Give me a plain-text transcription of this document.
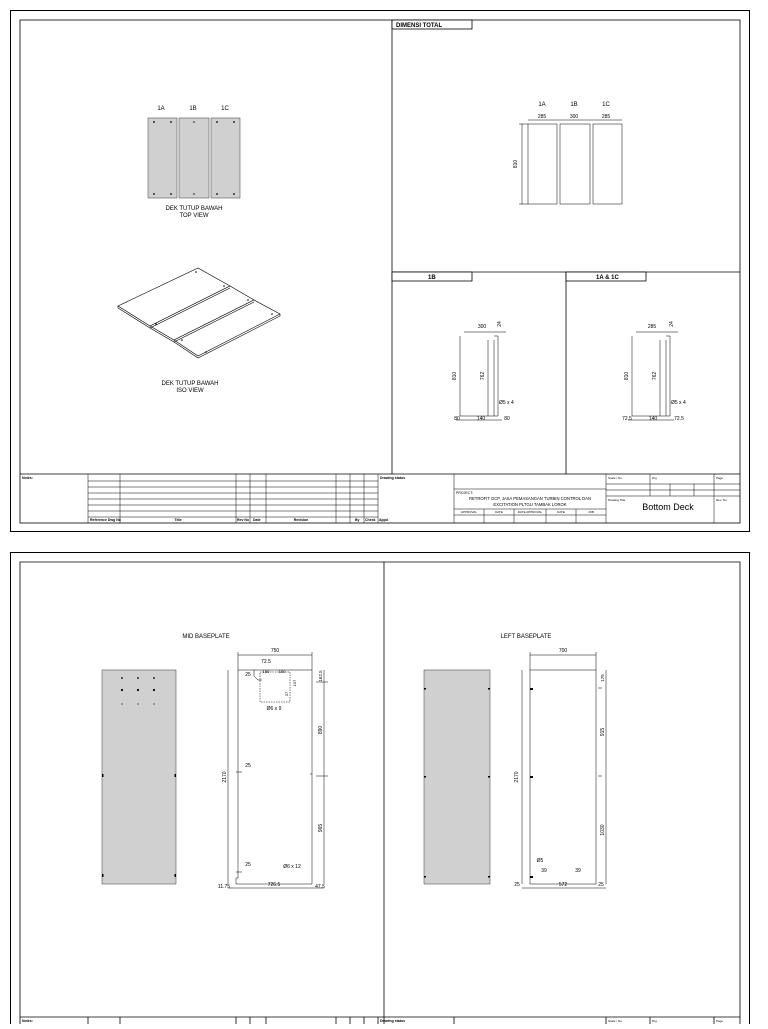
1A	1B	1C
DEK TUTUP BAWAH
TOP VIEW
DEK TUTUP BAWAH
ISO VIEW
DIMENSI TOTAL
1A	1B	1C
285	300	285
810
1B
300 24
810	762
Ø5 x 4
80	140	80
1A & 1C
285	24
810	762
Ø5 x 4
72.5	140	72.5
Notes:
Reference Dwg No	Title	Rev No Date	Revision	By Check Appd
Drawing status
PROJECT:
RETROFIT GCP, JASA PEMASANGAN TURBIN CONTROL DAN
EXCITATION PLTGU TAMBAK LOROK
APPROVAL	DATE	DATE APPROVAL	DATE	JOB
Scale / No.	Drg	Page
Drawing Title	Rev. No.
Bottom Deck
Notes:	Drawing status	Scale / No.	Drg	Page
MID BASEPLATE
750
72.5
150 150
25
Ø6 x 9
162.5
107
37
890
965
2170
25
25	Ø6 x 12
11.75	726.5	47.5
LEFT BASEPLATE
700
175
915
1030
2170
Ø5
39	39
25	572	25
